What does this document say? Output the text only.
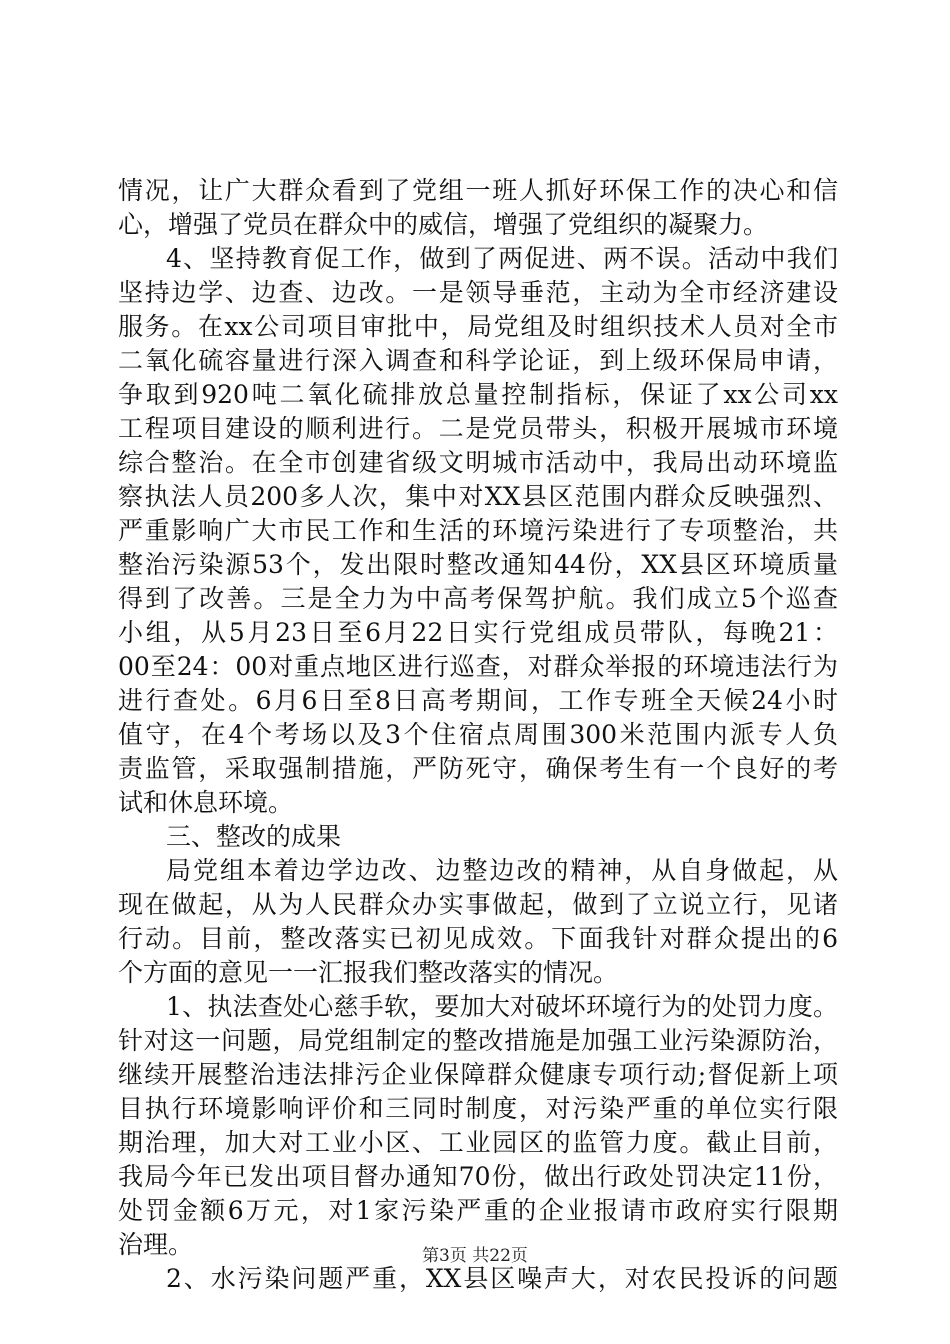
情况，让广大群众看到了党组一班人抓好环保工作的决心和信
心，增强了党员在群众中的威信，增强了党组织的凝聚力。
4、坚持教育促工作，做到了两促进、两不误。活动中我们
坚持边学、边查、边改。一是领导垂范，主动为全市经济建设
服务。在xx公司项目审批中，局党组及时组织技术人员对全市
二氧化硫容量进行深入调查和科学论证，到上级环保局申请，
争取到920吨二氧化硫排放总量控制指标，保证了xx公司xx
工程项目建设的顺利进行。二是党员带头，积极开展城市环境
综合整治。在全市创建省级文明城市活动中，我局出动环境监
察执法人员200多人次，集中对XX县区范围内群众反映强烈、
严重影响广大市民工作和生活的环境污染进行了专项整治，共
整治污染源53个，发出限时整改通知44份，XX县区环境质量
得到了改善。三是全力为中高考保驾护航。我们成立5个巡查
小组，从5月23日至6月22日实行党组成员带队，每晚21：
00至24：00对重点地区进行巡查，对群众举报的环境违法行为
进行查处。6月6日至8日高考期间，工作专班全天候24小时
值守，在4个考场以及3个住宿点周围300米范围内派专人负
责监管，采取强制措施，严防死守，确保考生有一个良好的考
试和休息环境。
三、整改的成果
局党组本着边学边改、边整边改的精神，从自身做起，从
现在做起，从为人民群众办实事做起，做到了立说立行，见诸
行动。目前，整改落实已初见成效。下面我针对群众提出的6
个方面的意见一一汇报我们整改落实的情况。
1、执法查处心慈手软，要加大对破坏环境行为的处罚力度。
针对这一问题，局党组制定的整改措施是加强工业污染源防治，
继续开展整治违法排污企业保障群众健康专项行动;督促新上项
目执行环境影响评价和三同时制度，对污染严重的单位实行限
期治理，加大对工业小区、工业园区的监管力度。截止目前，
我局今年已发出项目督办通知70份，做出行政处罚决定11份，
处罚金额6万元，对1家污染严重的企业报请市政府实行限期
治理。
2、水污染问题严重，XX县区噪声大，对农民投诉的问题
第3页 共22页
